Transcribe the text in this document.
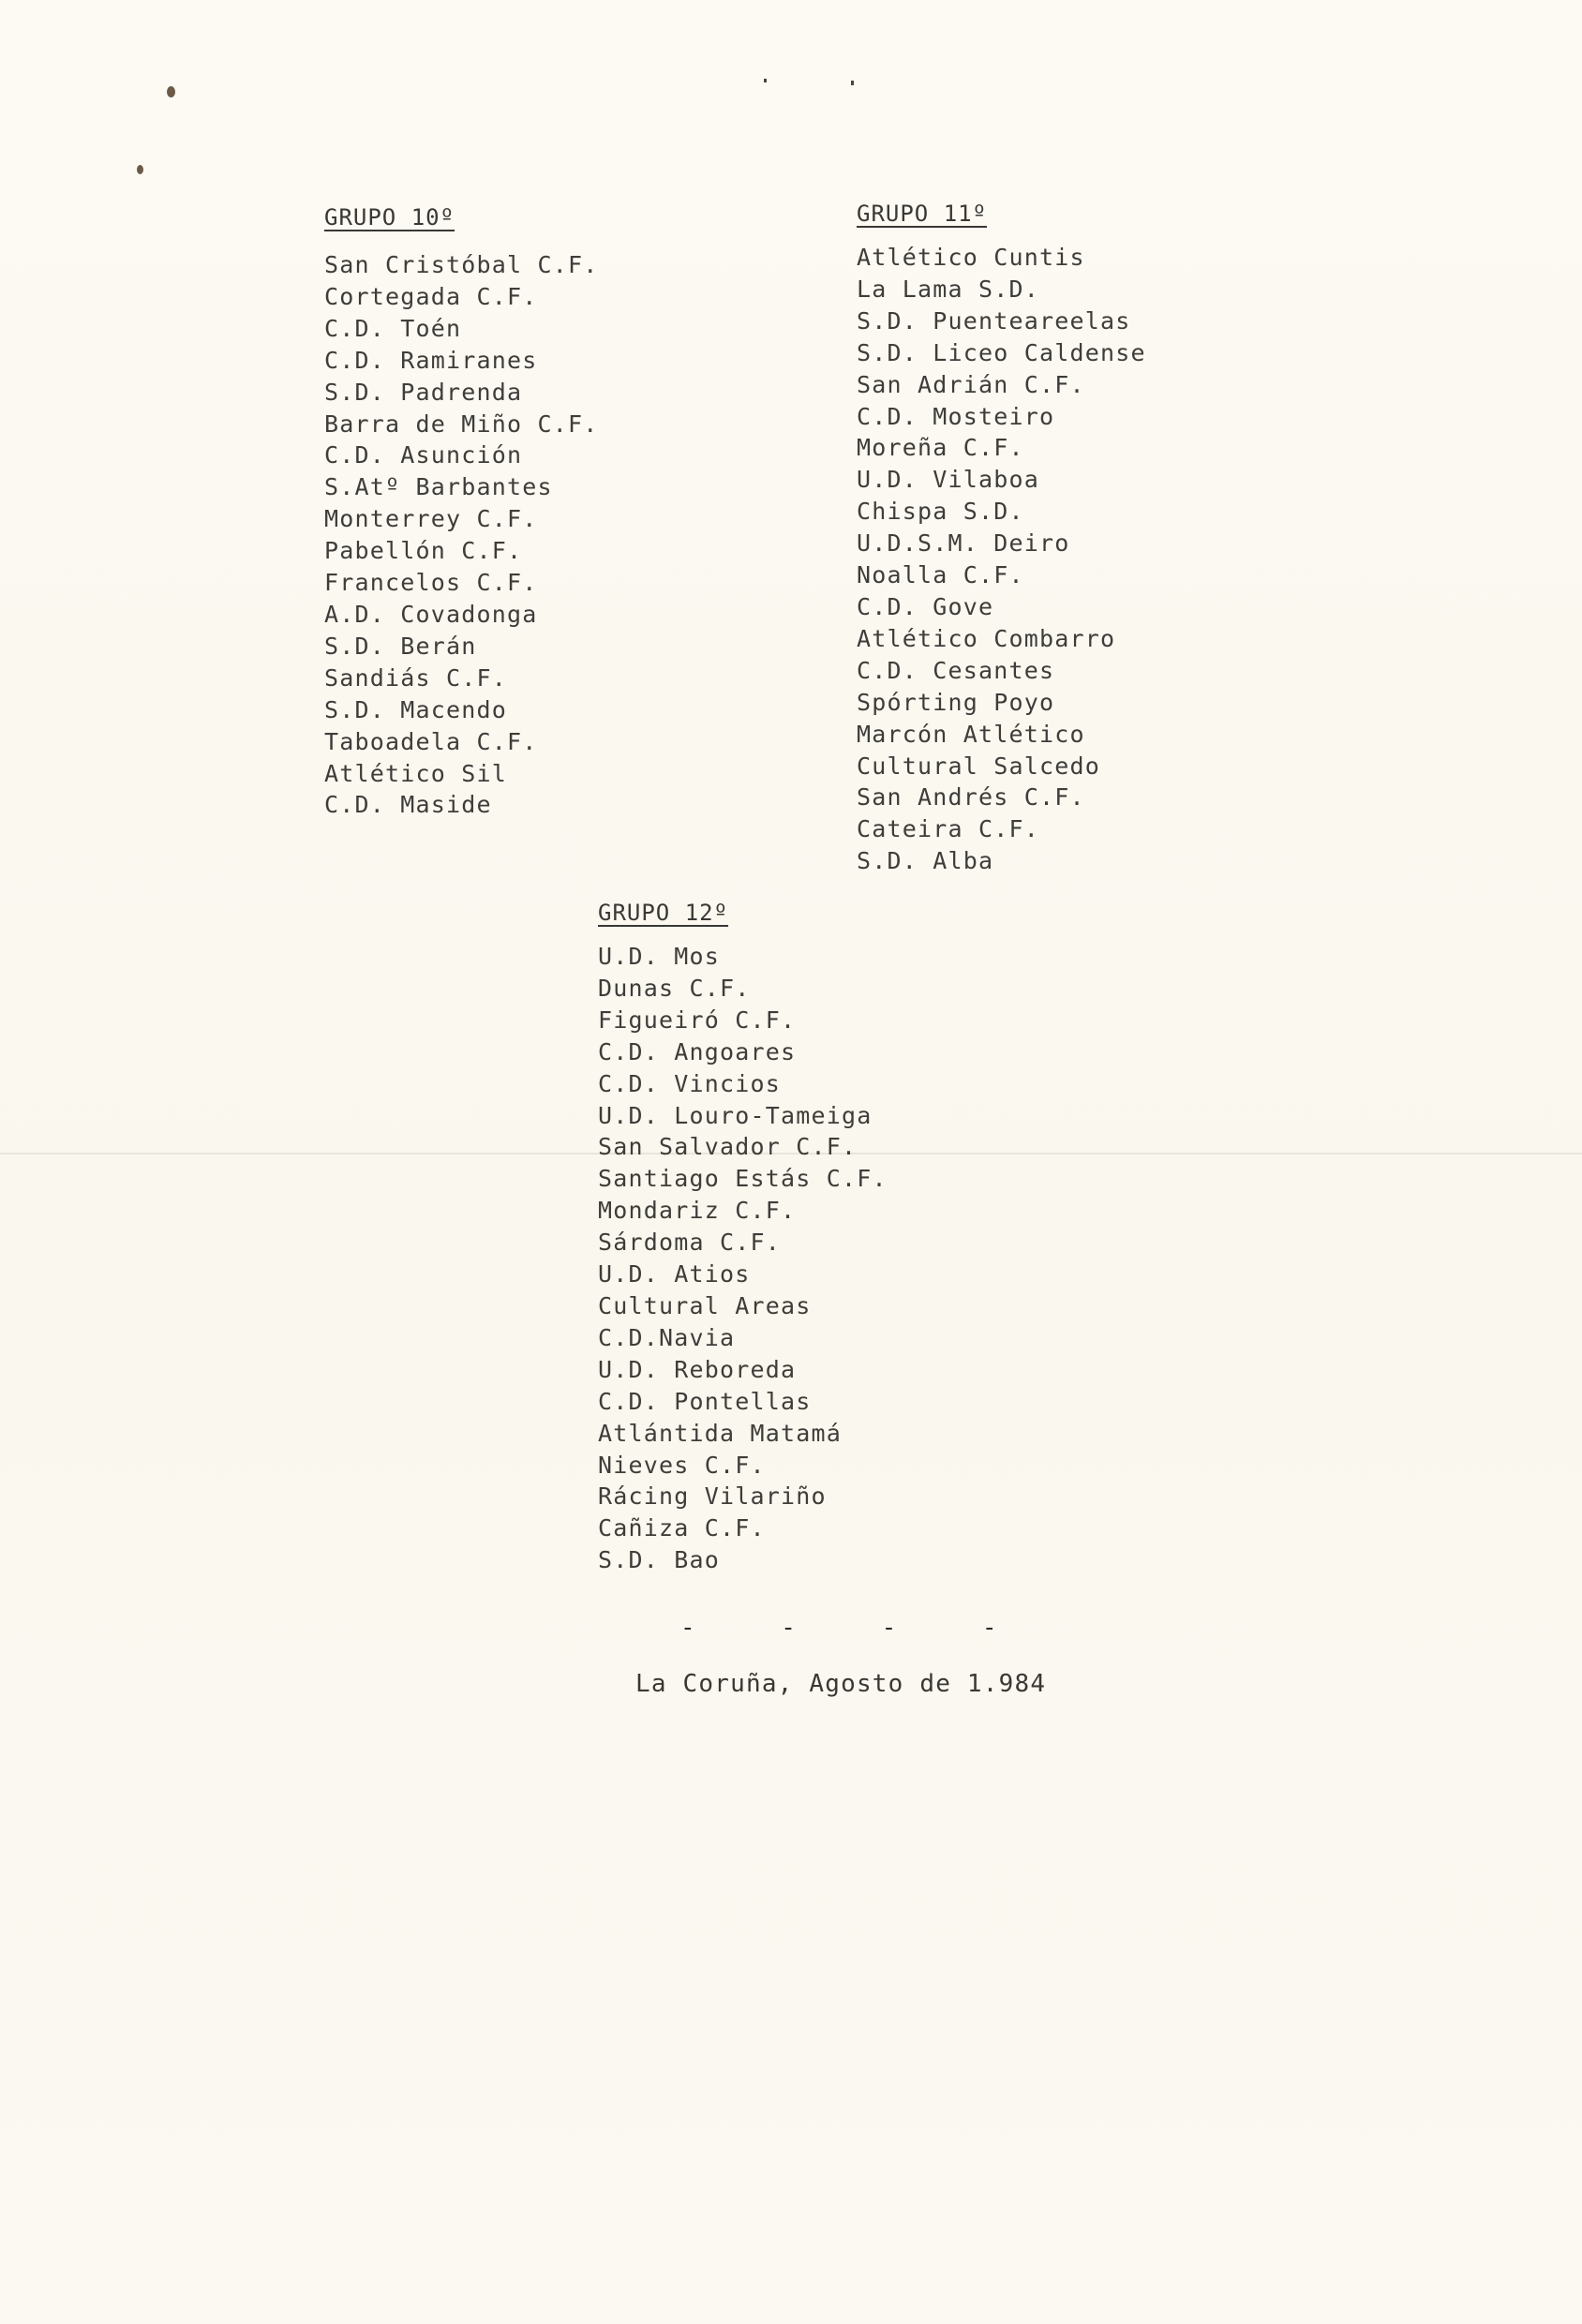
GRUPO 10º
San Cristóbal C.F.
Cortegada C.F.
C.D. Toén
C.D. Ramiranes
S.D. Padrenda
Barra de Miño C.F.
C.D. Asunción
S.Atº Barbantes
Monterrey C.F.
Pabellón C.F.
Francelos C.F.
A.D. Covadonga
S.D. Berán
Sandiás C.F.
S.D. Macendo
Taboadela C.F.
Atlético Sil
C.D. Maside
GRUPO 11º
Atlético Cuntis
La Lama S.D.
S.D. Puenteareelas
S.D. Liceo Caldense
San Adrián C.F.
C.D. Mosteiro
Moreña C.F.
U.D. Vilaboa
Chispa S.D.
U.D.S.M. Deiro
Noalla C.F.
C.D. Gove
Atlético Combarro
C.D. Cesantes
Spórting Poyo
Marcón Atlético
Cultural Salcedo
San Andrés C.F.
Cateira C.F.
S.D. Alba
GRUPO 12º
U.D. Mos
Dunas C.F.
Figueiró C.F.
C.D. Angoares
C.D. Vincios
U.D. Louro-Tameiga
San Salvador C.F.
Santiago Estás C.F.
Mondariz C.F.
Sárdoma C.F.
U.D. Atios
Cultural Areas
C.D.Navia
U.D. Reboreda
C.D. Pontellas
Atlántida Matamá
Nieves C.F.
Rácing Vilariño
Cañiza C.F.
S.D. Bao
- - - -
La Coruña, Agosto de 1.984
